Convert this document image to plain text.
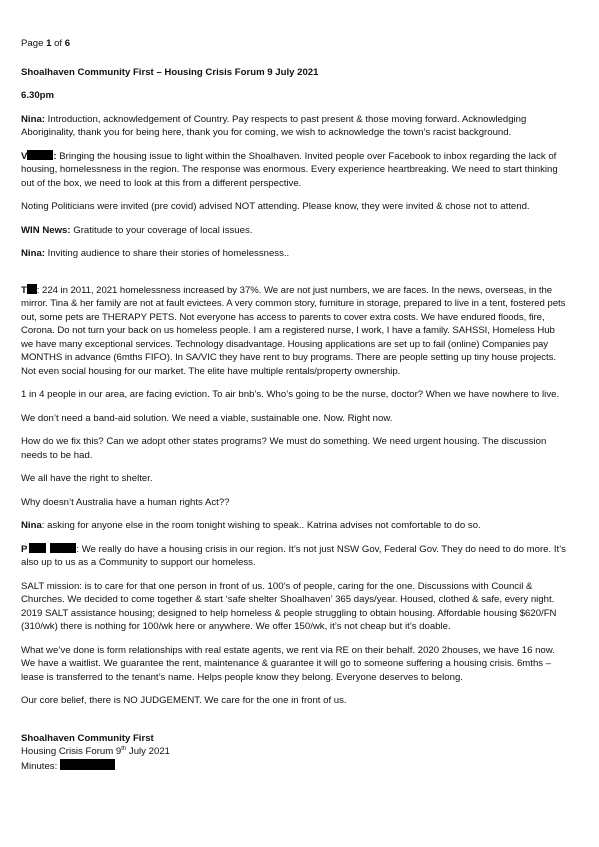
Page 1 of 6

Shoalhaven Community First – Housing Crisis Forum 9 July 2021

6.30pm

Nina: Introduction, acknowledgement of Country. Pay respects to past present & those moving forward. Acknowledging Aboriginality, thank you for being here, thank you for coming, we wish to acknowledge the town’s racist background.

V	: Bringing the housing issue to light within the Shoalhaven. Invited people over Facebook to inbox regarding the lack of housing, homelessness in the region. The response was enormous. Every experience heartbreaking. We need to start thinking out of the box, we need to look at this from a different perspective.

Noting Politicians were invited (pre covid) advised NOT attending. Please know, they were invited & chose not to attend.

WIN News: Gratitude to your coverage of local issues.

Nina: Inviting audience to share their stories of homelessness..

T : 224 in 2011, 2021 homelessness increased by 37%. We are not just numbers, we are faces. In the news, overseas, in the mirror. Tina & her family are not at fault evictees. A very common story, furniture in storage, prepared to live in a tent, fostered pets out, some pets are THERAPY PETS. Not everyone has access to parents to cover extra costs. We have endured floods, fire, Corona. Do not turn your back on us homeless people. I am a registered nurse, I work, I have a family. SAHSSI, Homeless Hub we have many exceptional services. Technology disadvantage. Housing applications are set up to fail (online) Companies pay MONTHS in advance (6mths FIFO). In SA/VIC they have rent to buy programs. There are people setting up tiny house projects. Not even social housing for our market. The elite have multiple rentals/property ownership.

1 in 4 people in our area, are facing eviction. To air bnb’s. Who’s going to be the nurse, doctor? When we have nowhere to live.

We don’t need a band-aid solution. We need a viable, sustainable one. Now. Right now.

How do we fix this? Can we adopt other states programs? We must do something. We need urgent housing. The discussion needs to be had.

We all have the right to shelter.

Why doesn’t Australia have a human rights Act??

Nina: asking for anyone else in the room tonight wishing to speak.. Katrina advises not comfortable to do so.

P	: We really do have a housing crisis in our region. It’s not just NSW Gov, Federal Gov. They do need to do more. It’s also up to us as a Community to support our homeless.

SALT mission: is to care for that one person in front of us. 100’s of people, caring for the one. Discussions with Council & Churches. We decided to come together & start ‘safe shelter Shoalhaven’ 365 days/year. Housed, clothed & safe, every night. 2019 SALT assistance housing; designed to help homeless & people struggling to obtain housing. Affordable housing $620/FN (310/wk) there is nothing for 100/wk here or anywhere. We offer 150/wk, it’s not cheap but it’s doable.

What we’ve done is form relationships with real estate agents, we rent via RE on their behalf. 2020 2houses, we have 16 now. We have a waitlist. We guarantee the rent, maintenance & guarantee it will go to someone suffering a housing crisis. 6mths – lease is transferred to the tenant’s name. Helps people know they belong. Everyone deserves to belong.

Our core belief, there is NO JUDGEMENT. We care for the one in front of us.

Shoalhaven Community First

Housing Crisis Forum 9th July 2021

Minutes:
